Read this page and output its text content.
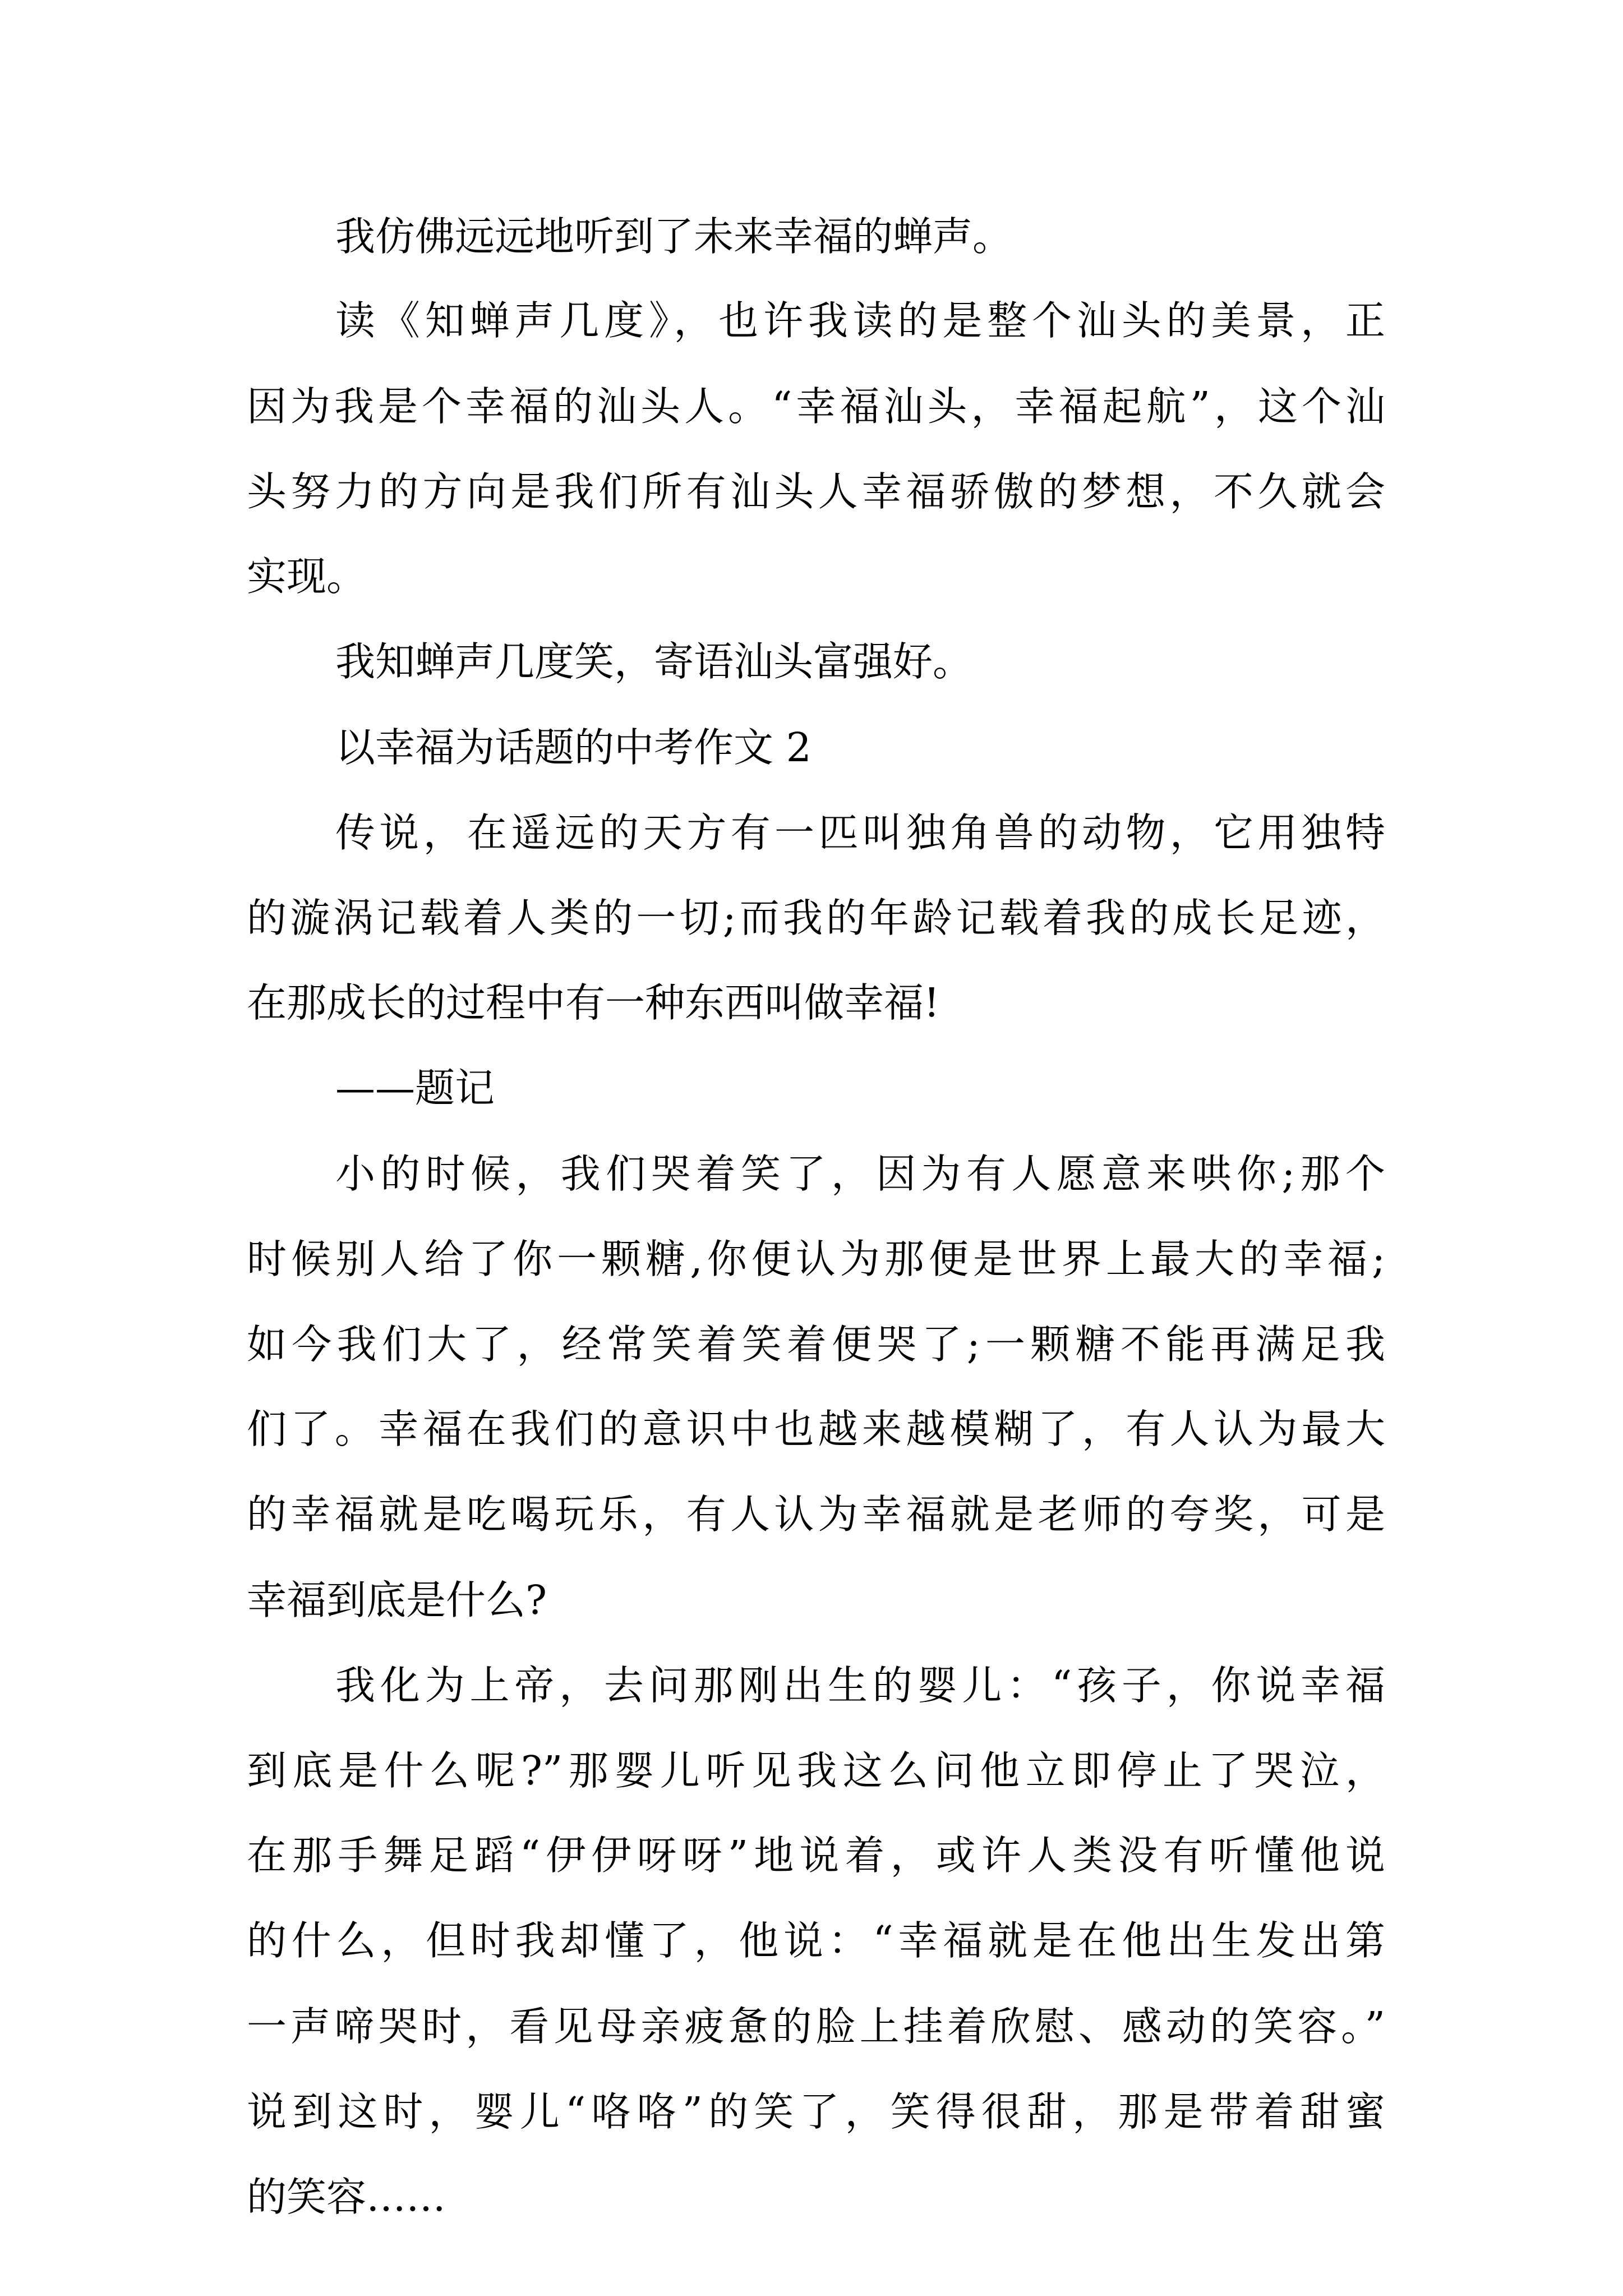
我仿佛远远地听到了未来幸福的蝉声。
读《知蝉声几度》，也许我读的是整个汕头的美景，正
因为我是个幸福的汕头人。“幸福汕头，幸福起航”，这个汕
头努力的方向是我们所有汕头人幸福骄傲的梦想，不久就会
实现。
我知蝉声几度笑，寄语汕头富强好。
以幸福为话题的中考作文 2
传说，在遥远的天方有一匹叫独角兽的动物，它用独特
的漩涡记载着人类的一切;而我的年龄记载着我的成长足迹，
在那成长的过程中有一种东西叫做幸福!
——题记
小的时候，我们哭着笑了，因为有人愿意来哄你;那个
时候别人给了你一颗糖,你便认为那便是世界上最大的幸福;
如今我们大了，经常笑着笑着便哭了;一颗糖不能再满足我
们了。幸福在我们的意识中也越来越模糊了，有人认为最大
的幸福就是吃喝玩乐，有人认为幸福就是老师的夸奖，可是
幸福到底是什么?
我化为上帝，去问那刚出生的婴儿：“孩子，你说幸福
到底是什么呢?”那婴儿听见我这么问他立即停止了哭泣，
在那手舞足蹈“伊伊呀呀”地说着，或许人类没有听懂他说
的什么，但时我却懂了，他说：“幸福就是在他出生发出第
一声啼哭时，看见母亲疲惫的脸上挂着欣慰、感动的笑容。”
说到这时，婴儿“咯咯”的笑了，笑得很甜，那是带着甜蜜
的笑容……
